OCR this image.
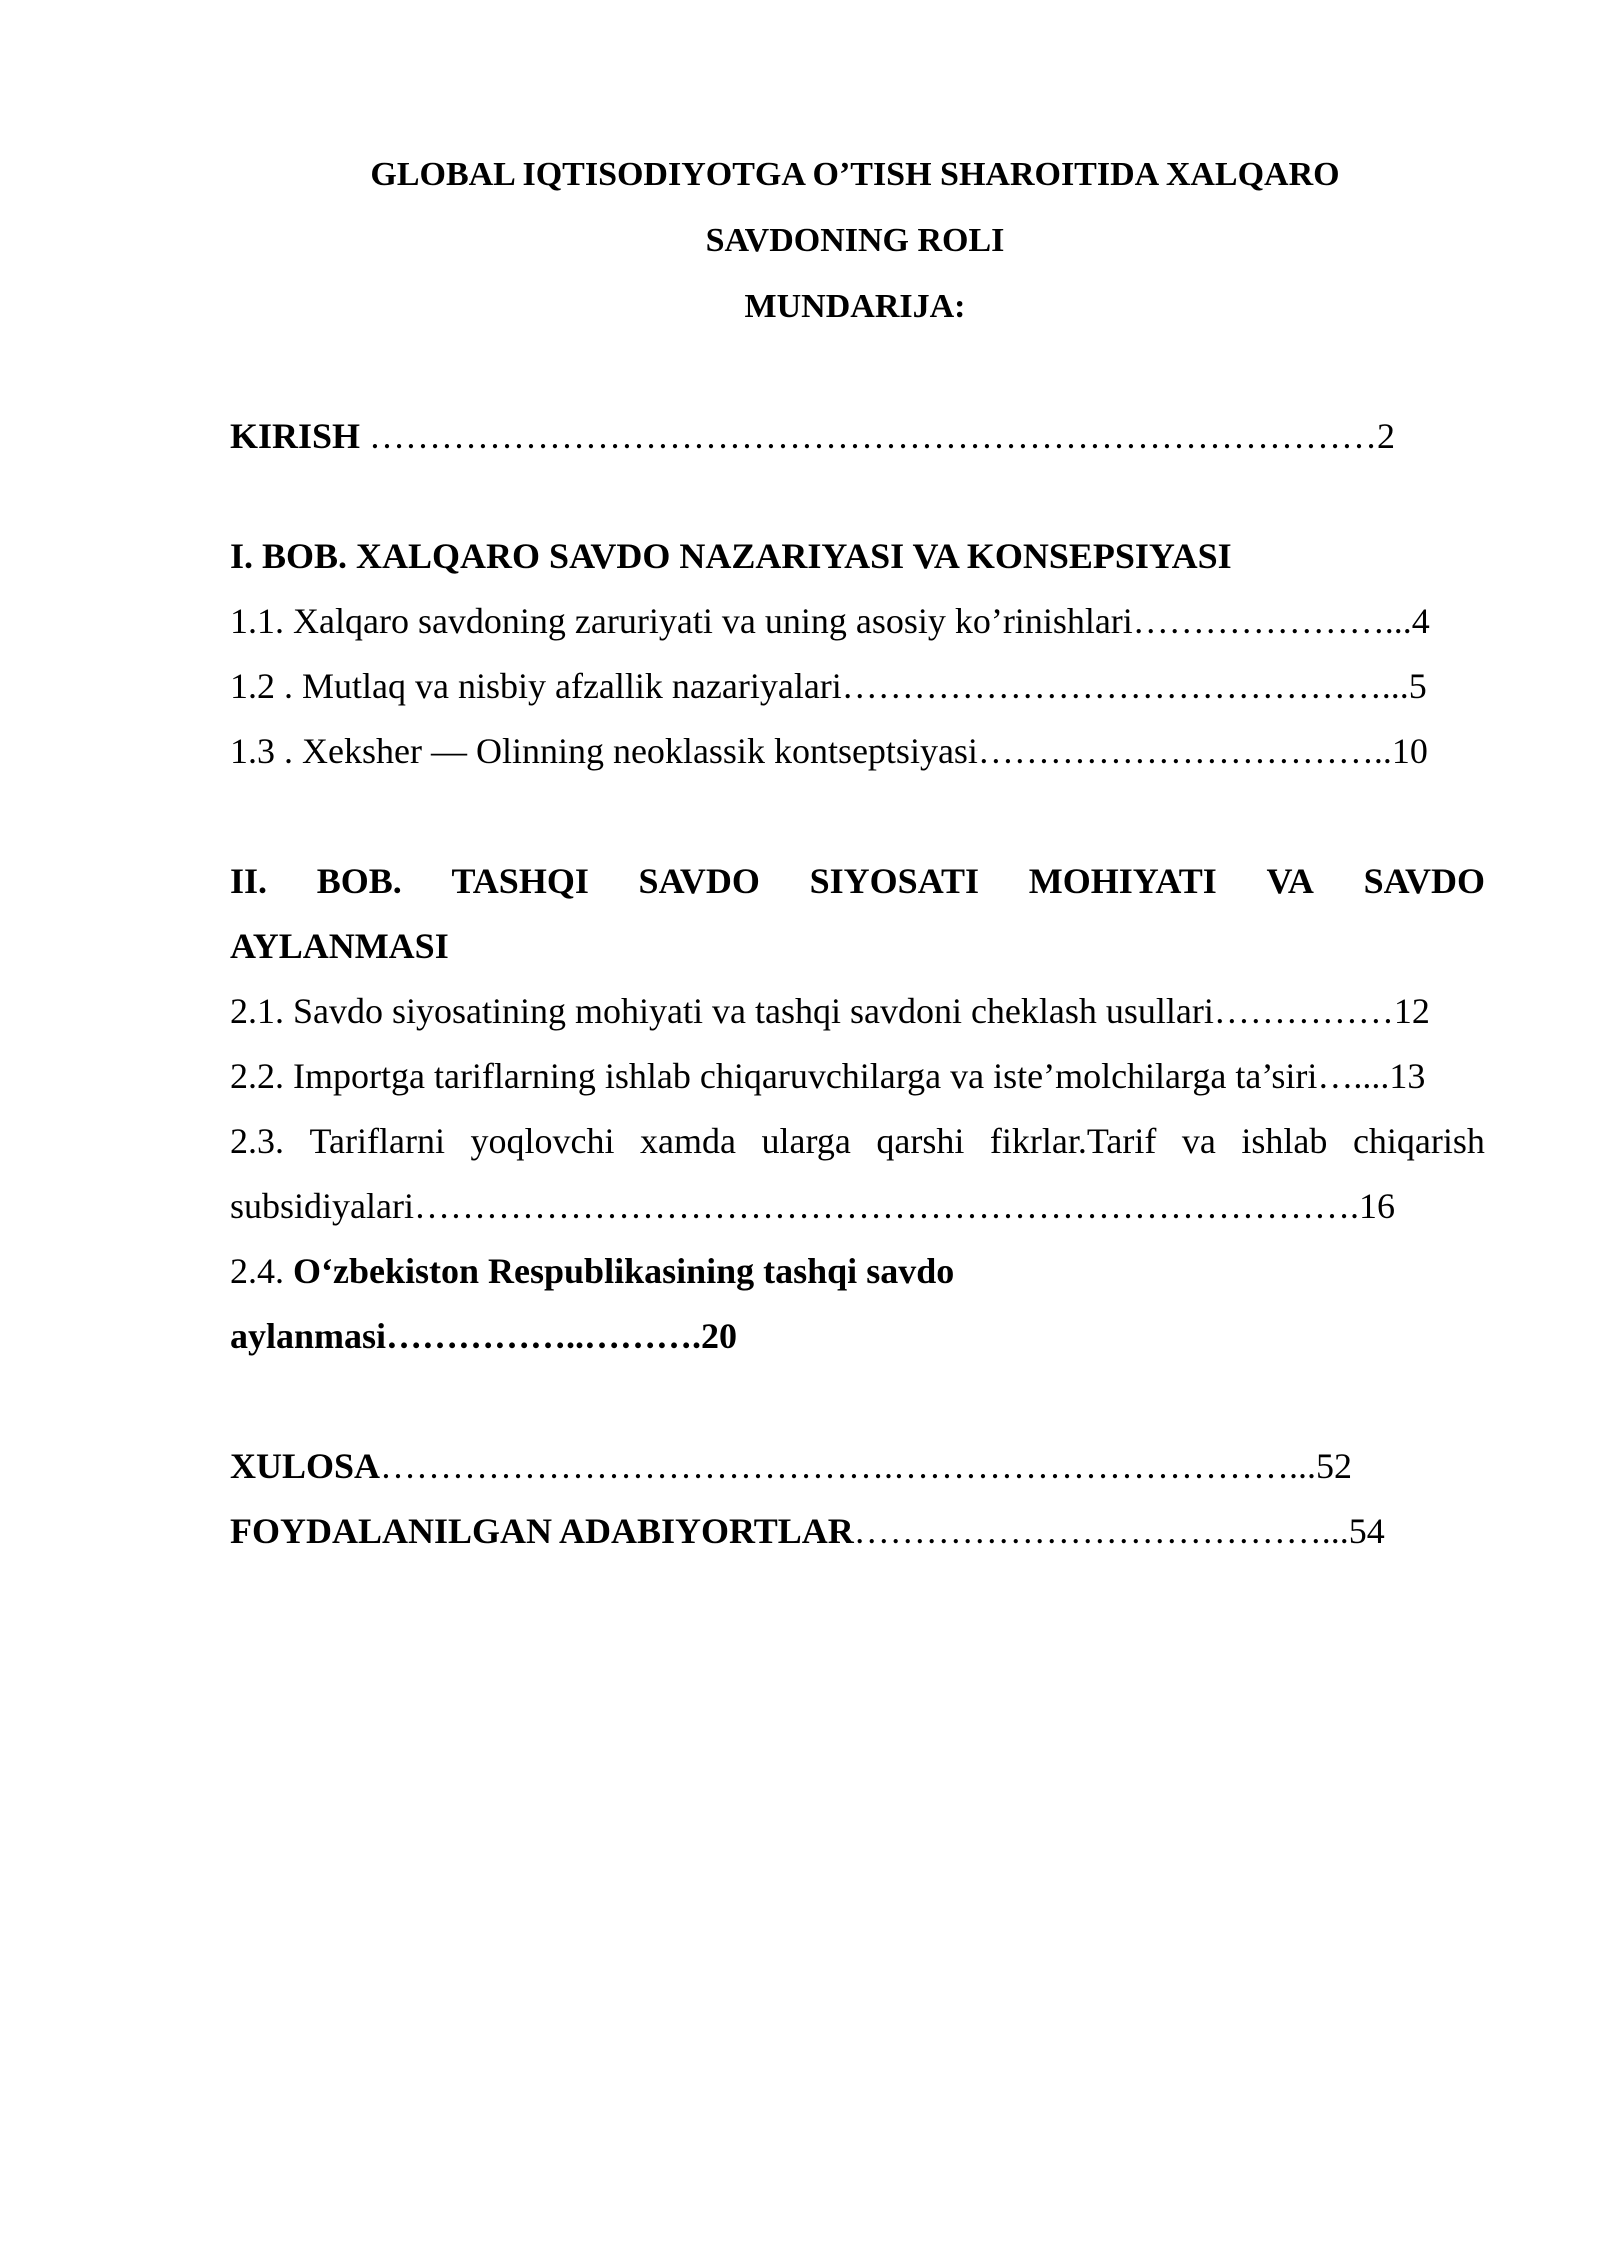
GLOBAL IQTISODIYOTGA O’TISH SHAROITIDA XALQARO
SAVDONING ROLI
MUNDARIJA:
KIRISH …………………………………………………………………………2
I. BOB. XALQARO SAVDO NAZARIYASI VA KONSEPSIYASI
1.1. Xalqaro savdoning zaruriyati va uning asosiy ko’rinishlari…………………...4
1.2 . Mutlaq va nisbiy afzallik nazariyalari………………………………………...5
1.3 . Xeksher — Olinning neoklassik kontseptsiyasi……………………………..10
II. BOB. TASHQI SAVDO SIYOSATI MOHIYATI VA SAVDO
AYLANMASI
2.1. Savdo siyosatining mohiyati va tashqi savdoni cheklash usullari……………12
2.2. Importga tariflarning ishlab chiqaruvchilarga va iste’molchilarga ta’siri…....13
2.3. Tariflarni yoqlovchi xamda ularga qarshi fikrlar.Tarif va ishlab chiqarish
subsidiyalari…………………………………………………………………….16
2.4. O‘zbekiston Respublikasining tashqi savdo
aylanmasi……………..……….20
XULOSA…………………………………….……………………………...52
FOYDALANILGAN ADABIYORTLAR…………………………………...54
